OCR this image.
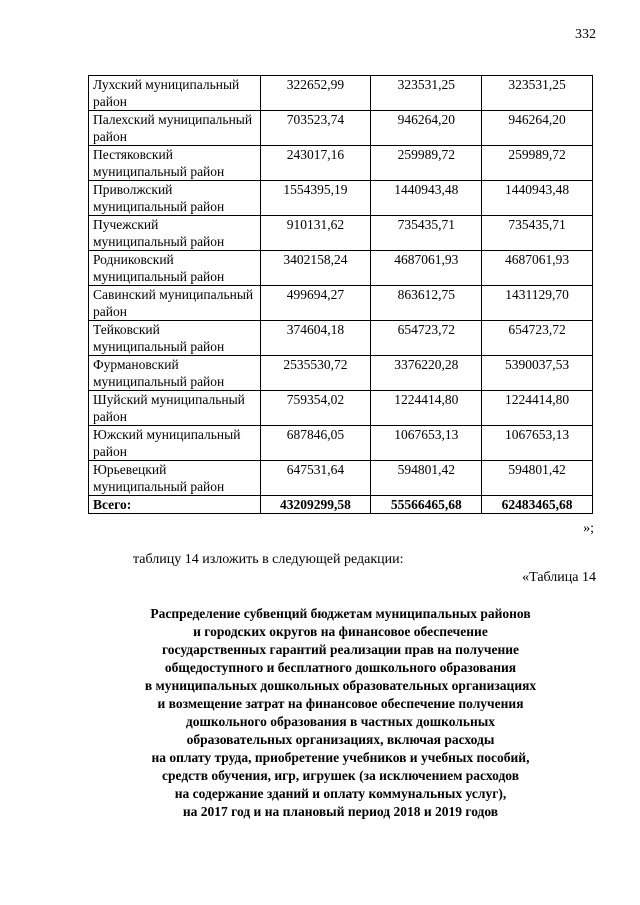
332
Лухский муниципальный район	322652,99	323531,25	323531,25
Палехский муниципальный район	703523,74	946264,20	946264,20
Пестяковский муниципальный район	243017,16	259989,72	259989,72
Приволжский муниципальный район	1554395,19	1440943,48	1440943,48
Пучежский муниципальный район	910131,62	735435,71	735435,71
Родниковский муниципальный район	3402158,24	4687061,93	4687061,93
Савинский муниципальный район	499694,27	863612,75	1431129,70
Тейковский муниципальный район	374604,18	654723,72	654723,72
Фурмановский муниципальный район	2535530,72	3376220,28	5390037,53
Шуйский муниципальный район	759354,02	1224414,80	1224414,80
Южский муниципальный район	687846,05	1067653,13	1067653,13
Юрьевецкий муниципальный район	647531,64	594801,42	594801,42
Всего:	43209299,58	55566465,68	62483465,68
»;
таблицу 14 изложить в следующей редакции:
«Таблица 14
Распределение субвенций бюджетам муниципальных районов
и городских округов на финансовое обеспечение
государственных гарантий реализации прав на получение
общедоступного и бесплатного дошкольного образования
в муниципальных дошкольных образовательных организациях
и возмещение затрат на финансовое обеспечение получения
дошкольного образования в частных дошкольных
образовательных организациях, включая расходы
на оплату труда, приобретение учебников и учебных пособий,
средств обучения, игр, игрушек (за исключением расходов
на содержание зданий и оплату коммунальных услуг),
на 2017 год и на плановый период 2018 и 2019 годов
